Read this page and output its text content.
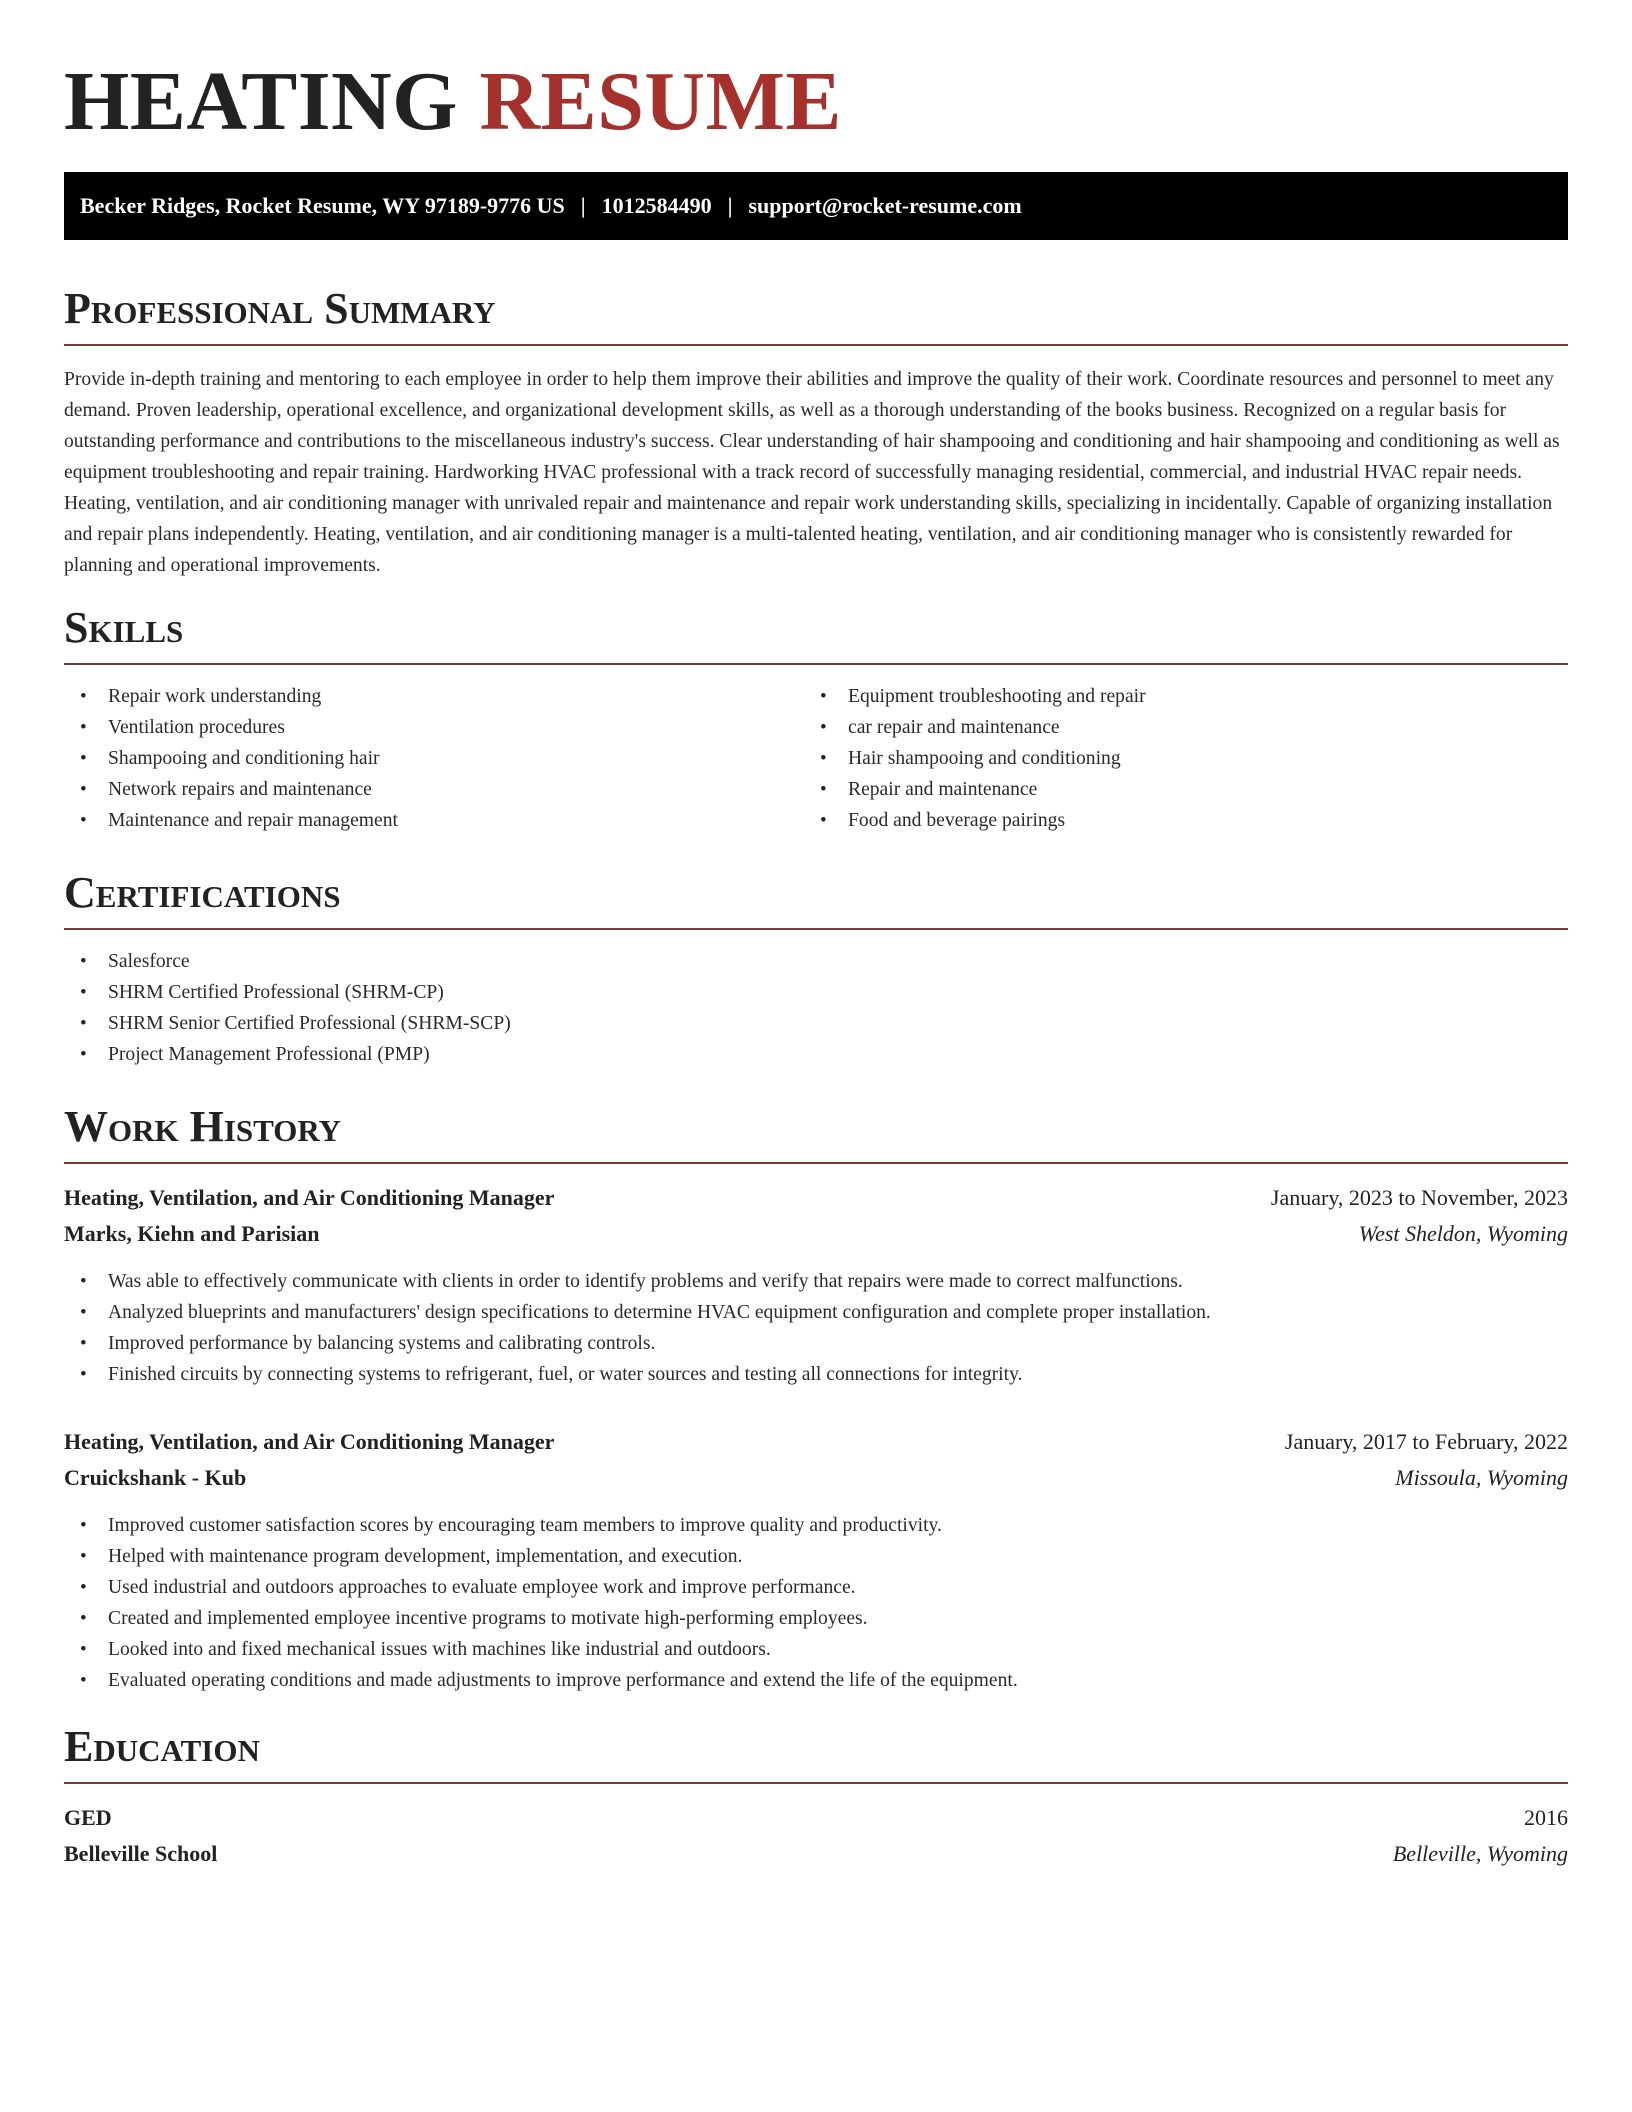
HEATING RESUME
Becker Ridges, Rocket Resume, WY 97189-9776 US | 1012584490 | support@rocket-resume.com
Professional Summary

Provide in-depth training and mentoring to each employee in order to help them improve their abilities and improve the quality of their work. Coordinate resources and personnel to meet any demand. Proven leadership, operational excellence, and organizational development skills, as well as a thorough understanding of the books business. Recognized on a regular basis for outstanding performance and contributions to the miscellaneous industry's success. Clear understanding of hair shampooing and conditioning and hair shampooing and conditioning as well as equipment troubleshooting and repair training. Hardworking HVAC professional with a track record of successfully managing residential, commercial, and industrial HVAC repair needs. Heating, ventilation, and air conditioning manager with unrivaled repair and maintenance and repair work understanding skills, specializing in incidentally. Capable of organizing installation and repair plans independently. Heating, ventilation, and air conditioning manager is a multi-talented heating, ventilation, and air conditioning manager who is consistently rewarded for planning and operational improvements.

Skills
• Repair work understanding
• Ventilation procedures
• Shampooing and conditioning hair
• Network repairs and maintenance
• Maintenance and repair management
• Equipment troubleshooting and repair
• car repair and maintenance
• Hair shampooing and conditioning
• Repair and maintenance
• Food and beverage pairings
Certifications
• Salesforce
• SHRM Certified Professional (SHRM-CP)
• SHRM Senior Certified Professional (SHRM-SCP)
• Project Management Professional (PMP)
Work History
Heating, Ventilation, and Air Conditioning Manager	January, 2023 to November, 2023
Marks, Kiehn and Parisian	West Sheldon, Wyoming
• Was able to effectively communicate with clients in order to identify problems and verify that repairs were made to correct malfunctions.
• Analyzed blueprints and manufacturers' design specifications to determine HVAC equipment configuration and complete proper installation.
• Improved performance by balancing systems and calibrating controls.
• Finished circuits by connecting systems to refrigerant, fuel, or water sources and testing all connections for integrity.
Heating, Ventilation, and Air Conditioning Manager	January, 2017 to February, 2022
Cruickshank - Kub	Missoula, Wyoming
• Improved customer satisfaction scores by encouraging team members to improve quality and productivity.
• Helped with maintenance program development, implementation, and execution.
• Used industrial and outdoors approaches to evaluate employee work and improve performance.
• Created and implemented employee incentive programs to motivate high-performing employees.
• Looked into and fixed mechanical issues with machines like industrial and outdoors.
• Evaluated operating conditions and made adjustments to improve performance and extend the life of the equipment.
Education
GED	2016
Belleville School	Belleville, Wyoming
